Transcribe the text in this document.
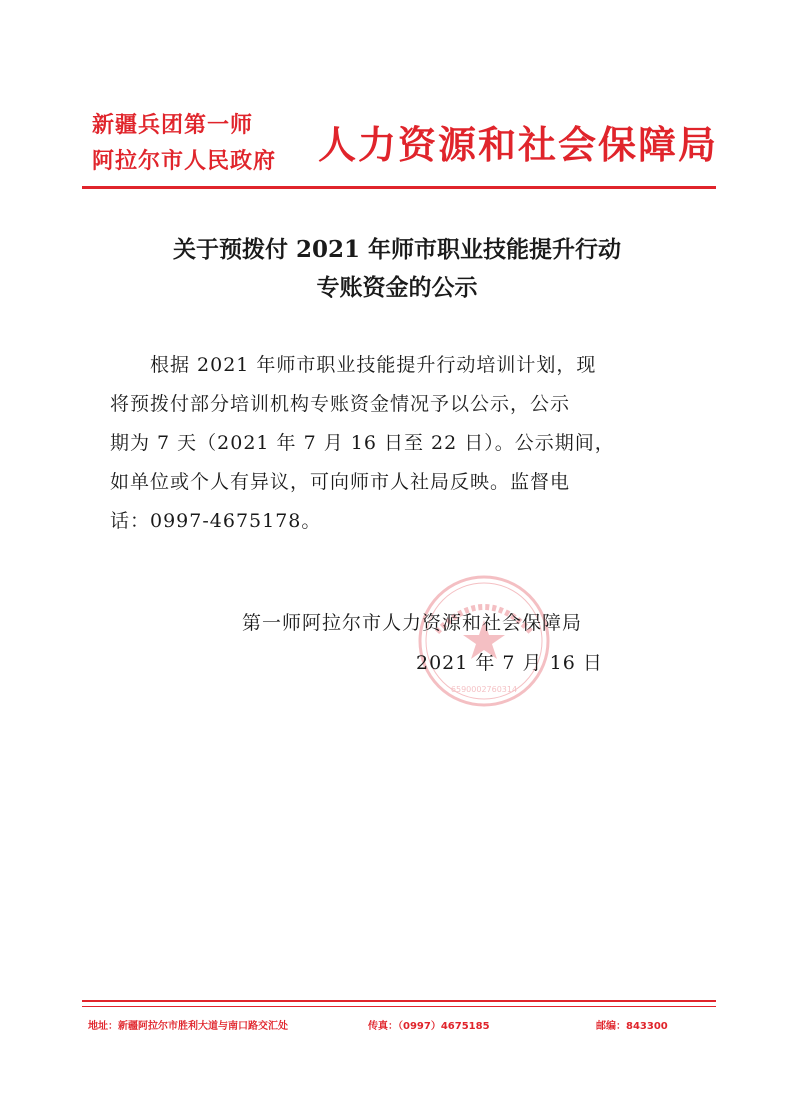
新疆兵团第一师
阿拉尔市人民政府	人力资源和社会保障局
关于预拨付 2021 年师市职业技能提升行动
专账资金的公示
根据 2021 年师市职业技能提升行动培训计划，现
将预拨付部分培训机构专账资金情况予以公示，公示
期为 7 天（2021 年 7 月 16 日至 22 日）。公示期间，
如单位或个人有异议，可向师市人社局反映。监督电
话：0997-4675178。
6590002760314
第一师阿拉尔市人力资源和社会保障局
2021 年 7 月 16 日
地址：新疆阿拉尔市胜利大道与南口路交汇处	传真：（0997）4675185	邮编：843300
